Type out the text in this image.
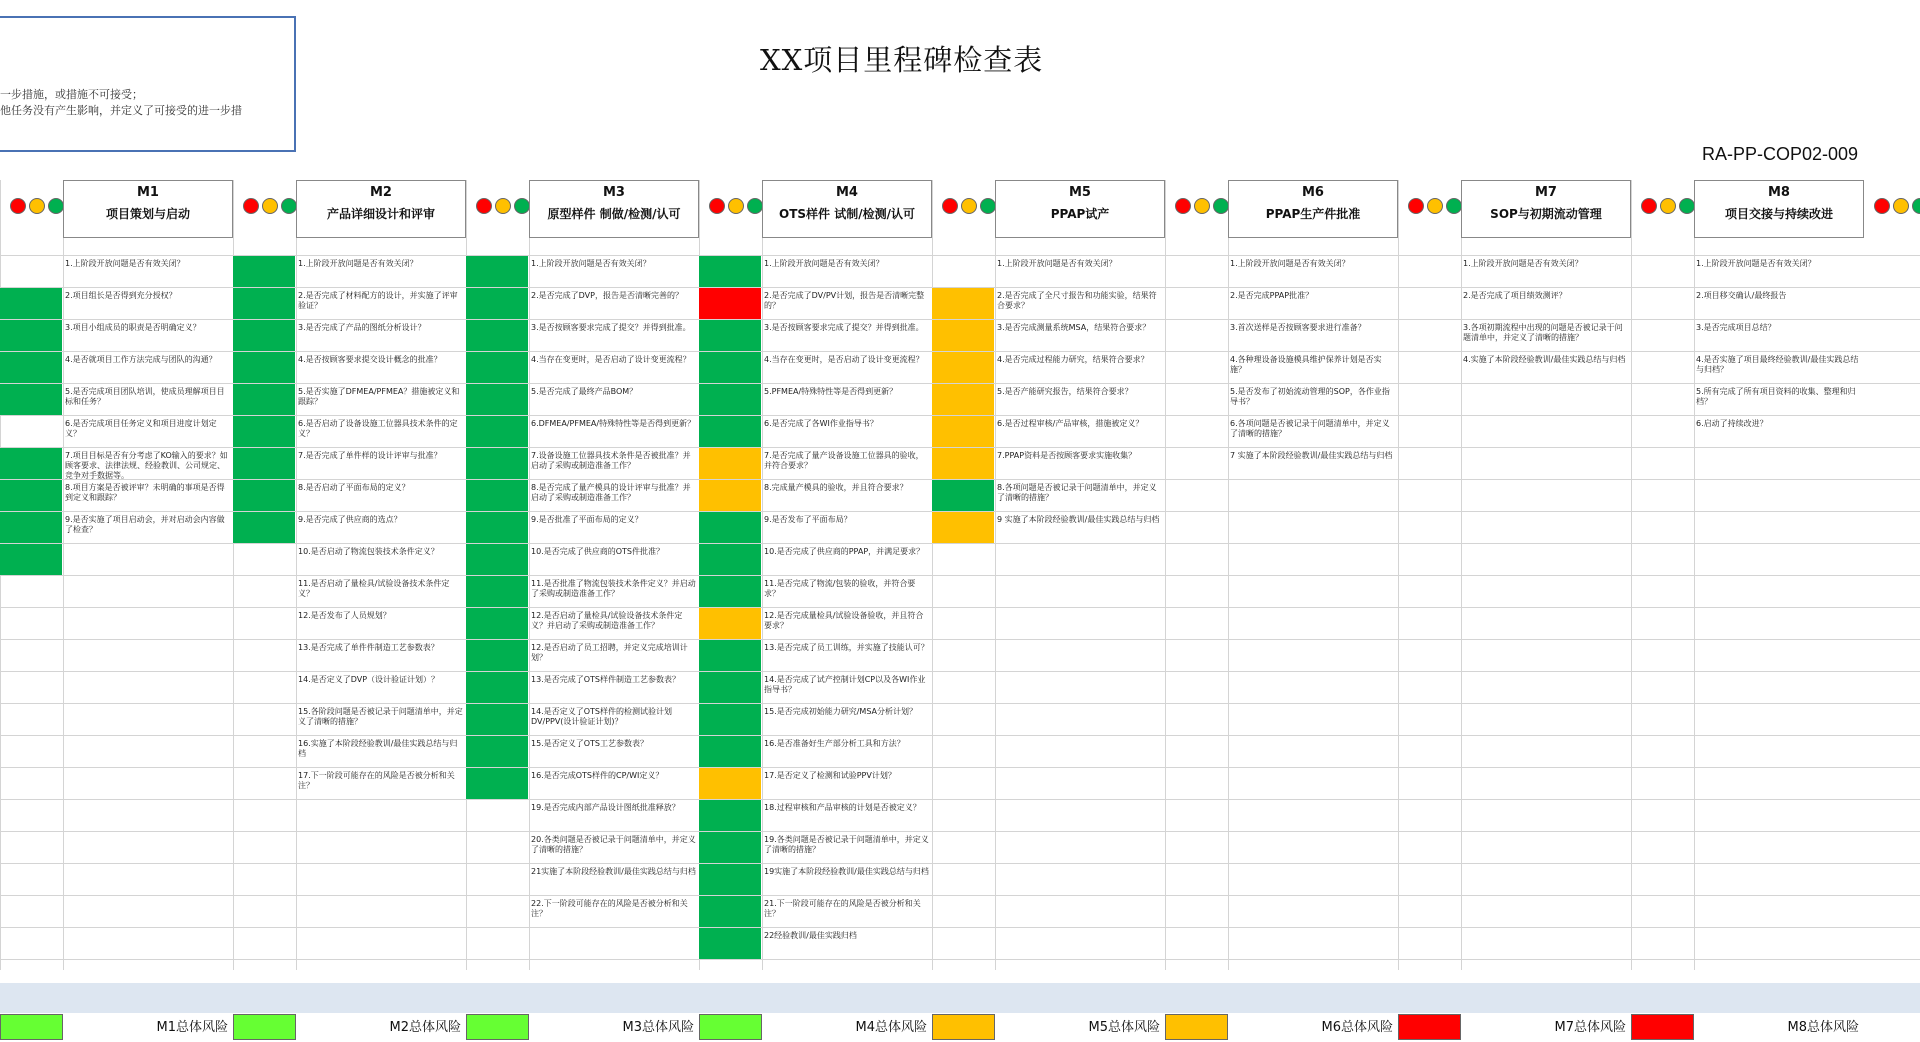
一步措施，或措施不可接受；
他任务没有产生影响，并定义了可接受的进一步措
XX项目里程碑检查表
RA-PP-COP02-009
M1
项目策划与启动
1.上阶段开放问题是否有效关闭？
2.项目组长是否得到充分授权？
3.项目小组成员的职责是否明确定义？
4.是否就项目工作方法完成与团队的沟通？
5.是否完成项目团队培训，使成员理解项目目标和任务？
6.是否完成项目任务定义和项目进度计划定义？
7.项目目标是否有分考虑了KO输入的要求？如顾客要求、法律法规、经验教训、公司规定、竞争对手数据等。
8.项目方案是否被评审？未明确的事项是否得到定义和跟踪？
9.是否实施了项目启动会，并对启动会内容做了检查？
M1总体风险
M2
产品详细设计和评审
1.上阶段开放问题是否有效关闭？
2.是否完成了材料配方的设计，并实施了评审验证？
3.是否完成了产品的图纸分析设计？
4.是否按顾客要求提交设计概念的批准？
5.是否实施了DFMEA/PFMEA？措施被定义和跟踪？
6.是否启动了设备设施工位器具技术条件的定义？
7.是否完成了单件样的设计评审与批准？
8.是否启动了平面布局的定义？
9.是否完成了供应商的选点？
10.是否启动了物流包装技术条件定义？
11.是否启动了量检具/试验设备技术条件定义？
12.是否发布了人员规划？
13.是否完成了单件件制造工艺参数表？
14.是否定义了DVP（设计验证计划）？
15.各阶段问题是否被记录于问题清单中，并定义了清晰的措施？
16.实施了本阶段经验教训/最佳实践总结与归档
17.下一阶段可能存在的风险是否被分析和关注？
M2总体风险
M3
原型样件 制做/检测/认可
1.上阶段开放问题是否有效关闭？
2.是否完成了DVP，报告是否清晰完善的？
3.是否按顾客要求完成了提交？并得到批准。
4.当存在变更时，是否启动了设计变更流程？
5.是否完成了最终产品BOM？
6.DFMEA/PFMEA/特殊特性等是否得到更新？
7.设备设施工位器具技术条件是否被批准？并启动了采购或制造准备工作？
8.是否完成了量产模具的设计评审与批准？并启动了采购或制造准备工作？
9.是否批准了平面布局的定义？
10.是否完成了供应商的OTS件批准？
11.是否批准了物流包装技术条件定义？并启动了采购或制造准备工作？
12.是否启动了量检具/试验设备技术条件定义？并启动了采购或制造准备工作？
12.是否启动了员工招聘，并定义完成培训计划？
13.是否完成了OTS样件制造工艺参数表？
14.是否定义了OTS样件的检测试验计划DV/PPV(设计验证计划)？
15.是否定义了OTS工艺参数表？
16.是否完成OTS样件的CP/WI定义？
19.是否完成内部产品设计图纸批准释放？
20.各类问题是否被记录于问题清单中，并定义了清晰的措施？
21实施了本阶段经验教训/最佳实践总结与归档
22.下一阶段可能存在的风险是否被分析和关注？
M3总体风险
M4
OTS样件 试制/检测/认可
1.上阶段开放问题是否有效关闭？
2.是否完成了DV/PV计划，报告是否清晰完整的？
3.是否按顾客要求完成了提交？并得到批准。
4.当存在变更时，是否启动了设计变更流程？
5.PFMEA/特殊特性等是否得到更新？
6.是否完成了各WI作业指导书？
7.是否完成了量产设备设施工位器具的验收，并符合要求？
8.完成量产模具的验收，并且符合要求？
9.是否发布了平面布局？
10.是否完成了供应商的PPAP，并满足要求？
11.是否完成了物流/包装的验收，并符合要求？
12.是否完成量检具/试验设备验收，并且符合要求？
13.是否完成了员工训练，并实施了技能认可？
14.是否完成了试产控制计划CP以及各WI作业指导书？
15.是否完成初始能力研究/MSA分析计划？
16.是否准备好生产部分析工具和方法？
17.是否定义了检测和试验PPV计划？
18.过程审核和产品审核的计划是否被定义？
19.各类问题是否被记录于问题清单中，并定义了清晰的措施？
19实施了本阶段经验教训/最佳实践总结与归档
21.下一阶段可能存在的风险是否被分析和关注？
22经验教训/最佳实践归档
M4总体风险
M5
PPAP试产
1.上阶段开放问题是否有效关闭？
2.是否完成了全尺寸报告和功能实验，结果符合要求？
3.是否完成测量系统MSA，结果符合要求？
4.是否完成过程能力研究，结果符合要求？
5.是否产能研究报告，结果符合要求？
6.是否过程审核/产品审核，措施被定义？
7.PPAP资料是否按顾客要求实施收集？
8.各项问题是否被记录于问题清单中，并定义了清晰的措施？
9 实施了本阶段经验教训/最佳实践总结与归档
M5总体风险
M6
PPAP生产件批准
1.上阶段开放问题是否有效关闭？
2.是否完成PPAP批准？
3.首次送样是否按顾客要求进行准备？
4.各种理设备设施模具维护保养计划是否实施？
5.是否发布了初始流动管理的SOP，各作业指导书？
6.各项问题是否被记录于问题清单中，并定义了清晰的措施？
7 实施了本阶段经验教训/最佳实践总结与归档
M6总体风险
M7
SOP与初期流动管理
1.上阶段开放问题是否有效关闭？
2.是否完成了项目绩效测评？
3.各项初期流程中出现的问题是否被记录于问题清单中，并定义了清晰的措施？
4.实施了本阶段经验教训/最佳实践总结与归档
M7总体风险
M8
项目交接与持续改进
1.上阶段开放问题是否有效关闭？
2.项目移交确认/最终报告
3.是否完成项目总结？
4.是否实施了项目最终经验教训/最佳实践总结与归档？
5.所有完成了所有项目资料的收集、整理和归档？
6.启动了持续改进？
M8总体风险
